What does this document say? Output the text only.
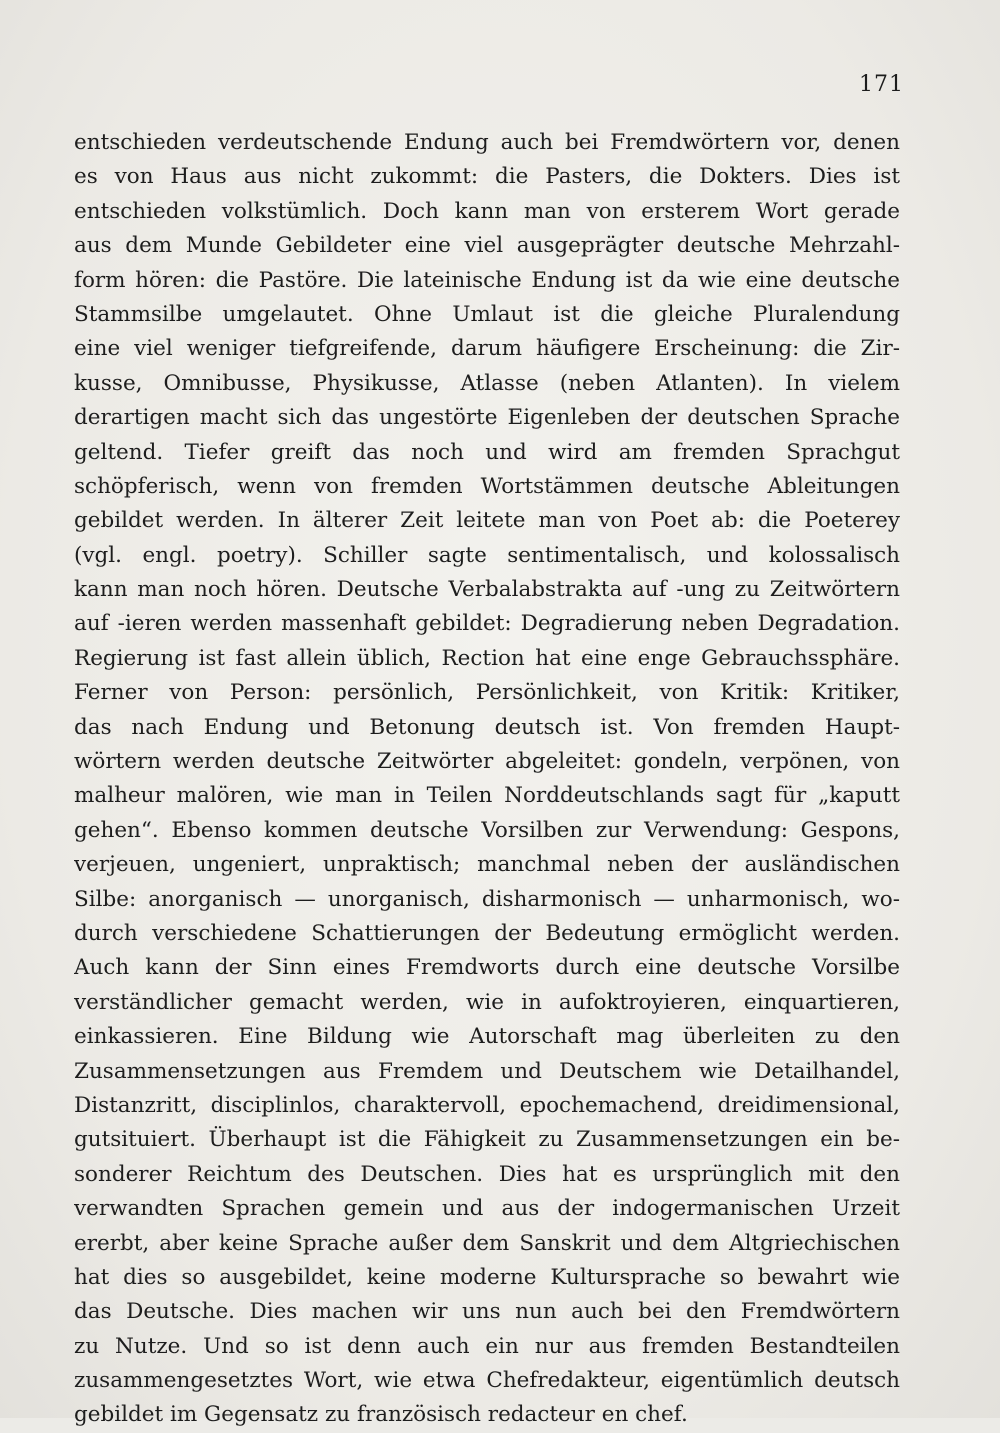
171
entschieden verdeutschende Endung auch bei Fremdwörtern vor, denen
es von Haus aus nicht zukommt: die Pasters, die Dokters. Dies ist
entschieden volkstümlich. Doch kann man von ersterem Wort gerade
aus dem Munde Gebildeter eine viel ausgeprägter deutsche Mehrzahl-
form hören: die Pastöre. Die lateinische Endung ist da wie eine deutsche
Stammsilbe umgelautet. Ohne Umlaut ist die gleiche Pluralendung
eine viel weniger tiefgreifende, darum häufigere Erscheinung: die Zir-
kusse, Omnibusse, Physikusse, Atlasse (neben Atlanten). In vielem
derartigen macht sich das ungestörte Eigenleben der deutschen Sprache
geltend. Tiefer greift das noch und wird am fremden Sprachgut
schöpferisch, wenn von fremden Wortstämmen deutsche Ableitungen
gebildet werden. In älterer Zeit leitete man von Poet ab: die Poeterey
(vgl. engl. poetry). Schiller sagte sentimentalisch, und kolossalisch
kann man noch hören. Deutsche Verbalabstrakta auf -ung zu Zeitwörtern
auf -ieren werden massenhaft gebildet: Degradierung neben Degradation.
Regierung ist fast allein üblich, Rection hat eine enge Gebrauchssphäre.
Ferner von Person: persönlich, Persönlichkeit, von Kritik: Kritiker,
das nach Endung und Betonung deutsch ist. Von fremden Haupt-
wörtern werden deutsche Zeitwörter abgeleitet: gondeln, verpönen, von
malheur malören, wie man in Teilen Norddeutschlands sagt für „kaputt
gehen“. Ebenso kommen deutsche Vorsilben zur Verwendung: Gespons,
verjeuen, ungeniert, unpraktisch; manchmal neben der ausländischen
Silbe: anorganisch — unorganisch, disharmonisch — unharmonisch, wo-
durch verschiedene Schattierungen der Bedeutung ermöglicht werden.
Auch kann der Sinn eines Fremdworts durch eine deutsche Vorsilbe
verständlicher gemacht werden, wie in aufoktroyieren, einquartieren,
einkassieren. Eine Bildung wie Autorschaft mag überleiten zu den
Zusammensetzungen aus Fremdem und Deutschem wie Detailhandel,
Distanzritt, disciplinlos, charaktervoll, epochemachend, dreidimensional,
gutsituiert. Überhaupt ist die Fähigkeit zu Zusammensetzungen ein be-
sonderer Reichtum des Deutschen. Dies hat es ursprünglich mit den
verwandten Sprachen gemein und aus der indogermanischen Urzeit
ererbt, aber keine Sprache außer dem Sanskrit und dem Altgriechischen
hat dies so ausgebildet, keine moderne Kultursprache so bewahrt wie
das Deutsche. Dies machen wir uns nun auch bei den Fremdwörtern
zu Nutze. Und so ist denn auch ein nur aus fremden Bestandteilen
zusammengesetztes Wort, wie etwa Chefredakteur, eigentümlich deutsch
gebildet im Gegensatz zu französisch redacteur en chef.
